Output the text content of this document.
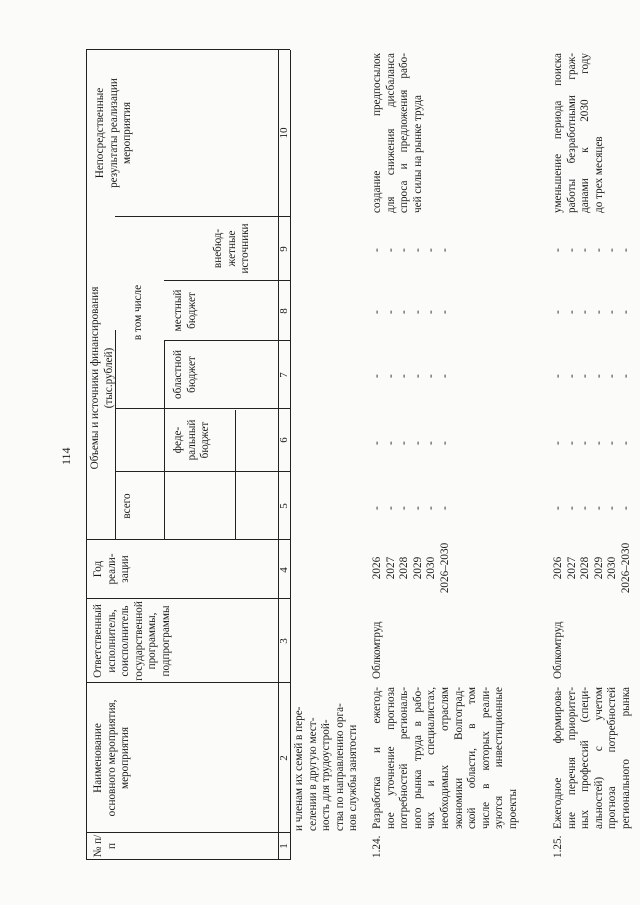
114
№ п/п
Наименование основного мероприятия, мероприятия
Ответственный исполнитель, соисполнитель государственной программы, подпрограммы
Год реали- зации
Объемы и источники финансирования (тыс.рублей)
всего
в том числе
феде- ральный бюджет
областной бюджет
местный бюджет
внебюд- жетные источники
Непосредственные результаты реализации мероприятия
1
2
3
4
5
6
7
8
9
10
и членам их семей в пере- селении в другую мест- ность для трудоустрой- ства по направлению орга- нов службы занятости
1.24.
Разработка и ежегод- ное уточнение прогноза потребностей региональ- ного рынка труда в рабо- чих и специалистах, необходимых отраслям экономики Волгоград- ской области, в том числе в которых реали- зуются инвестиционные проекты
Облкомтруд
2026 2027 2028 2029 2030 2026–2030
- - - - - -
- - - - - -
- - - - - -
- - - - - -
- - - - - -
создание предпосылок для снижения дисбаланса спроса и предложения рабо- чей силы на рынке труда
1.25.
Ежегодное формирова- ние перечня приоритет- ных профессий (специ- альностей) с учетом прогноза потребностей регионального рынка
Облкомтруд
2026 2027 2028 2029 2030 2026–2030
- - - - - -
- - - - - -
- - - - - -
- - - - - -
- - - - - -
уменьшение периода поиска работы безработными граж- данами к 2030 году до трех месяцев
